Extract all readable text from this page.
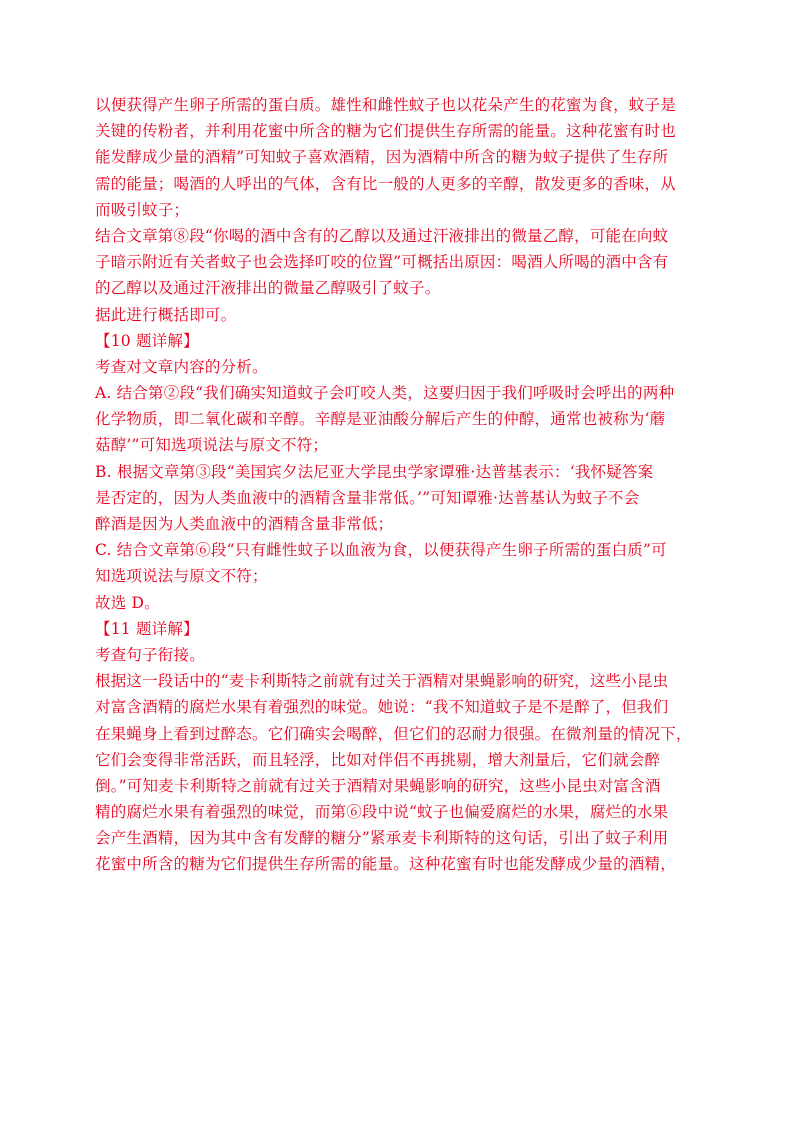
以便获得产生卵子所需的蛋白质。雄性和雌性蚊子也以花朵产生的花蜜为食，蚊子是
关键的传粉者，并利用花蜜中所含的糖为它们提供生存所需的能量。这种花蜜有时也
能发酵成少量的酒精”可知蚊子喜欢酒精，因为酒精中所含的糖为蚊子提供了生存所
需的能量；喝酒的人呼出的气体，含有比一般的人更多的辛醇，散发更多的香味，从
而吸引蚊子；
结合文章第⑧段“你喝的酒中含有的乙醇以及通过汗液排出的微量乙醇，可能在向蚊
子暗示附近有关者蚊子也会选择叮咬的位置”可概括出原因：喝酒人所喝的酒中含有
的乙醇以及通过汗液排出的微量乙醇吸引了蚊子。
据此进行概括即可。
【10 题详解】
考查对文章内容的分析。
A. 结合第②段“我们确实知道蚊子会叮咬人类，这要归因于我们呼吸时会呼出的两种
化学物质，即二氧化碳和辛醇。辛醇是亚油酸分解后产生的仲醇，通常也被称为‘蘑
菇醇’”可知选项说法与原文不符；
B. 根据文章第③段“美国宾夕法尼亚大学昆虫学家谭雅·达普基表示：‘我怀疑答案
是否定的，因为人类血液中的酒精含量非常低。’”可知谭雅·达普基认为蚊子不会
醉酒是因为人类血液中的酒精含量非常低；
C. 结合文章第⑥段“只有雌性蚊子以血液为食，以便获得产生卵子所需的蛋白质”可
知选项说法与原文不符；
故选 D。
【11 题详解】
考查句子衔接。
根据这一段话中的“麦卡利斯特之前就有过关于酒精对果蝇影响的研究，这些小昆虫
对富含酒精的腐烂水果有着强烈的味觉。她说：“我不知道蚊子是不是醉了，但我们
在果蝇身上看到过醉态。它们确实会喝醉，但它们的忍耐力很强。在微剂量的情况下，
它们会变得非常活跃，而且轻浮，比如对伴侣不再挑剔，增大剂量后，它们就会醉
倒。”可知麦卡利斯特之前就有过关于酒精对果蝇影响的研究，这些小昆虫对富含酒
精的腐烂水果有着强烈的味觉，而第⑥段中说“蚊子也偏爱腐烂的水果，腐烂的水果
会产生酒精，因为其中含有发酵的糖分”紧承麦卡利斯特的这句话，引出了蚊子利用
花蜜中所含的糖为它们提供生存所需的能量。这种花蜜有时也能发酵成少量的酒精，
